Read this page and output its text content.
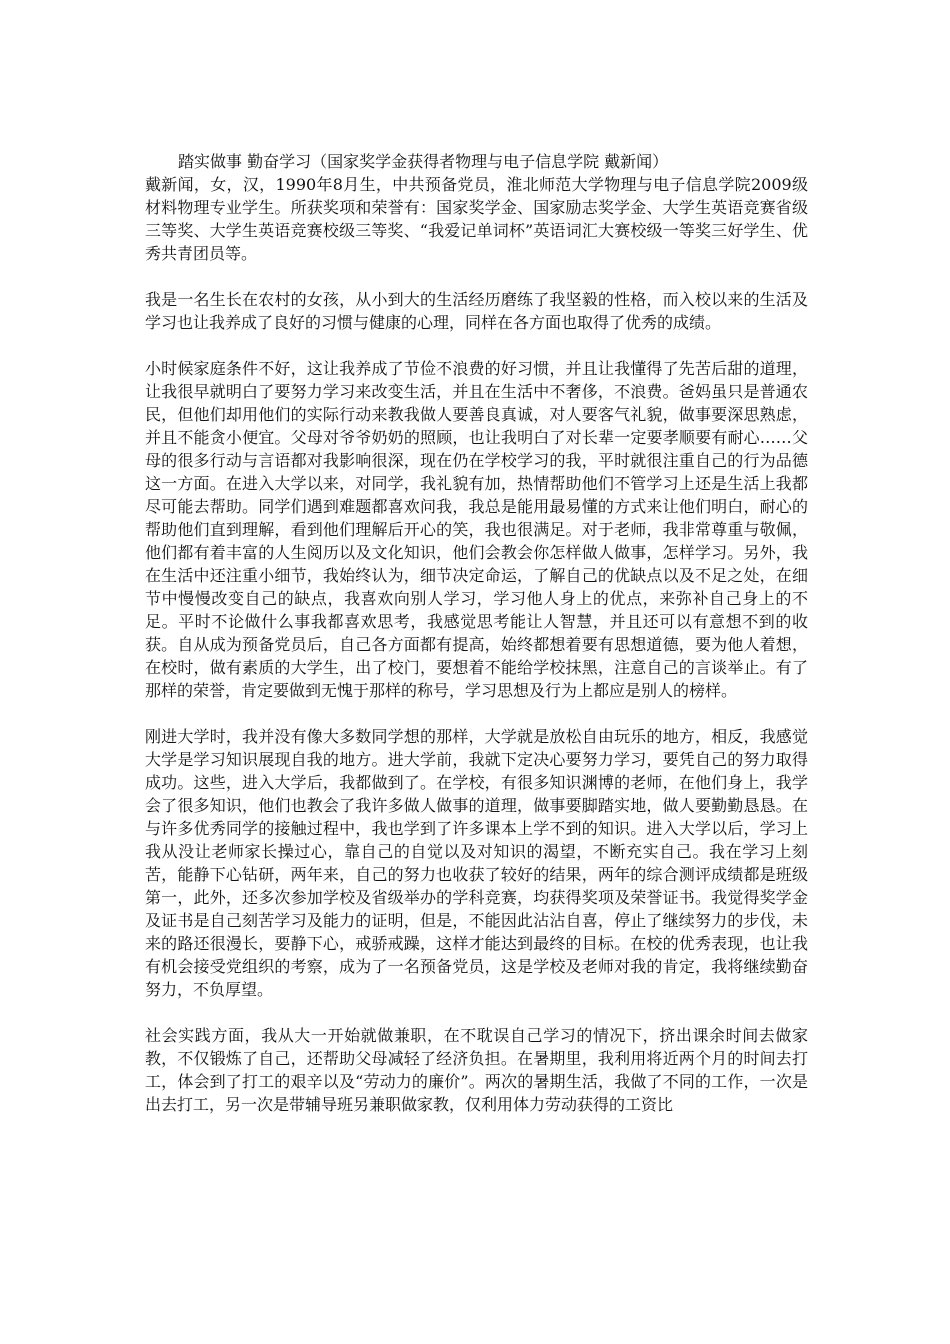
踏实做事 勤奋学习（国家奖学金获得者物理与电子信息学院 戴新闻）

戴新闻，女，汉，1990年8月生，中共预备党员，淮北师范大学物理与电子信息学院2009级材料物理专业学生。所获奖项和荣誉有：国家奖学金、国家励志奖学金、大学生英语竞赛省级三等奖、大学生英语竞赛校级三等奖、“我爱记单词杯”英语词汇大赛校级一等奖三好学生、优秀共青团员等。

我是一名生长在农村的女孩，从小到大的生活经历磨练了我坚毅的性格，而入校以来的生活及学习也让我养成了良好的习惯与健康的心理，同样在各方面也取得了优秀的成绩。

小时候家庭条件不好，这让我养成了节俭不浪费的好习惯，并且让我懂得了先苦后甜的道理，让我很早就明白了要努力学习来改变生活，并且在生活中不奢侈，不浪费。爸妈虽只是普通农民，但他们却用他们的实际行动来教我做人要善良真诚，对人要客气礼貌，做事要深思熟虑，并且不能贪小便宜。父母对爷爷奶奶的照顾，也让我明白了对长辈一定要孝顺要有耐心……父母的很多行动与言语都对我影响很深，现在仍在学校学习的我，平时就很注重自己的行为品德这一方面。在进入大学以来，对同学，我礼貌有加，热情帮助他们不管学习上还是生活上我都尽可能去帮助。同学们遇到难题都喜欢问我，我总是能用最易懂的方式来让他们明白，耐心的帮助他们直到理解，看到他们理解后开心的笑，我也很满足。对于老师，我非常尊重与敬佩，他们都有着丰富的人生阅历以及文化知识，他们会教会你怎样做人做事，怎样学习。另外，我在生活中还注重小细节，我始终认为，细节决定命运，了解自己的优缺点以及不足之处，在细节中慢慢改变自己的缺点，我喜欢向别人学习，学习他人身上的优点，来弥补自己身上的不足。平时不论做什么事我都喜欢思考，我感觉思考能让人智慧，并且还可以有意想不到的收获。自从成为预备党员后，自己各方面都有提高，始终都想着要有思想道德，要为他人着想，在校时，做有素质的大学生，出了校门，要想着不能给学校抹黑，注意自己的言谈举止。有了那样的荣誉，肯定要做到无愧于那样的称号，学习思想及行为上都应是别人的榜样。

刚进大学时，我并没有像大多数同学想的那样，大学就是放松自由玩乐的地方，相反，我感觉大学是学习知识展现自我的地方。进大学前，我就下定决心要努力学习，要凭自己的努力取得成功。这些，进入大学后，我都做到了。在学校，有很多知识渊博的老师，在他们身上，我学会了很多知识，他们也教会了我许多做人做事的道理，做事要脚踏实地，做人要勤勤恳恳。在与许多优秀同学的接触过程中，我也学到了许多课本上学不到的知识。进入大学以后，学习上我从没让老师家长操过心，靠自己的自觉以及对知识的渴望，不断充实自己。我在学习上刻苦，能静下心钻研，两年来，自己的努力也收获了较好的结果，两年的综合测评成绩都是班级第一，此外，还多次参加学校及省级举办的学科竞赛，均获得奖项及荣誉证书。我觉得奖学金及证书是自己刻苦学习及能力的证明，但是，不能因此沾沾自喜，停止了继续努力的步伐，未来的路还很漫长，要静下心，戒骄戒躁，这样才能达到最终的目标。在校的优秀表现，也让我有机会接受党组织的考察，成为了一名预备党员，这是学校及老师对我的肯定，我将继续勤奋努力，不负厚望。

社会实践方面，我从大一开始就做兼职，在不耽误自己学习的情况下，挤出课余时间去做家教，不仅锻炼了自己，还帮助父母减轻了经济负担。在暑期里，我利用将近两个月的时间去打工，体会到了打工的艰辛以及“劳动力的廉价”。两次的暑期生活，我做了不同的工作，一次是出去打工，另一次是带辅导班另兼职做家教，仅利用体力劳动获得的工资比
